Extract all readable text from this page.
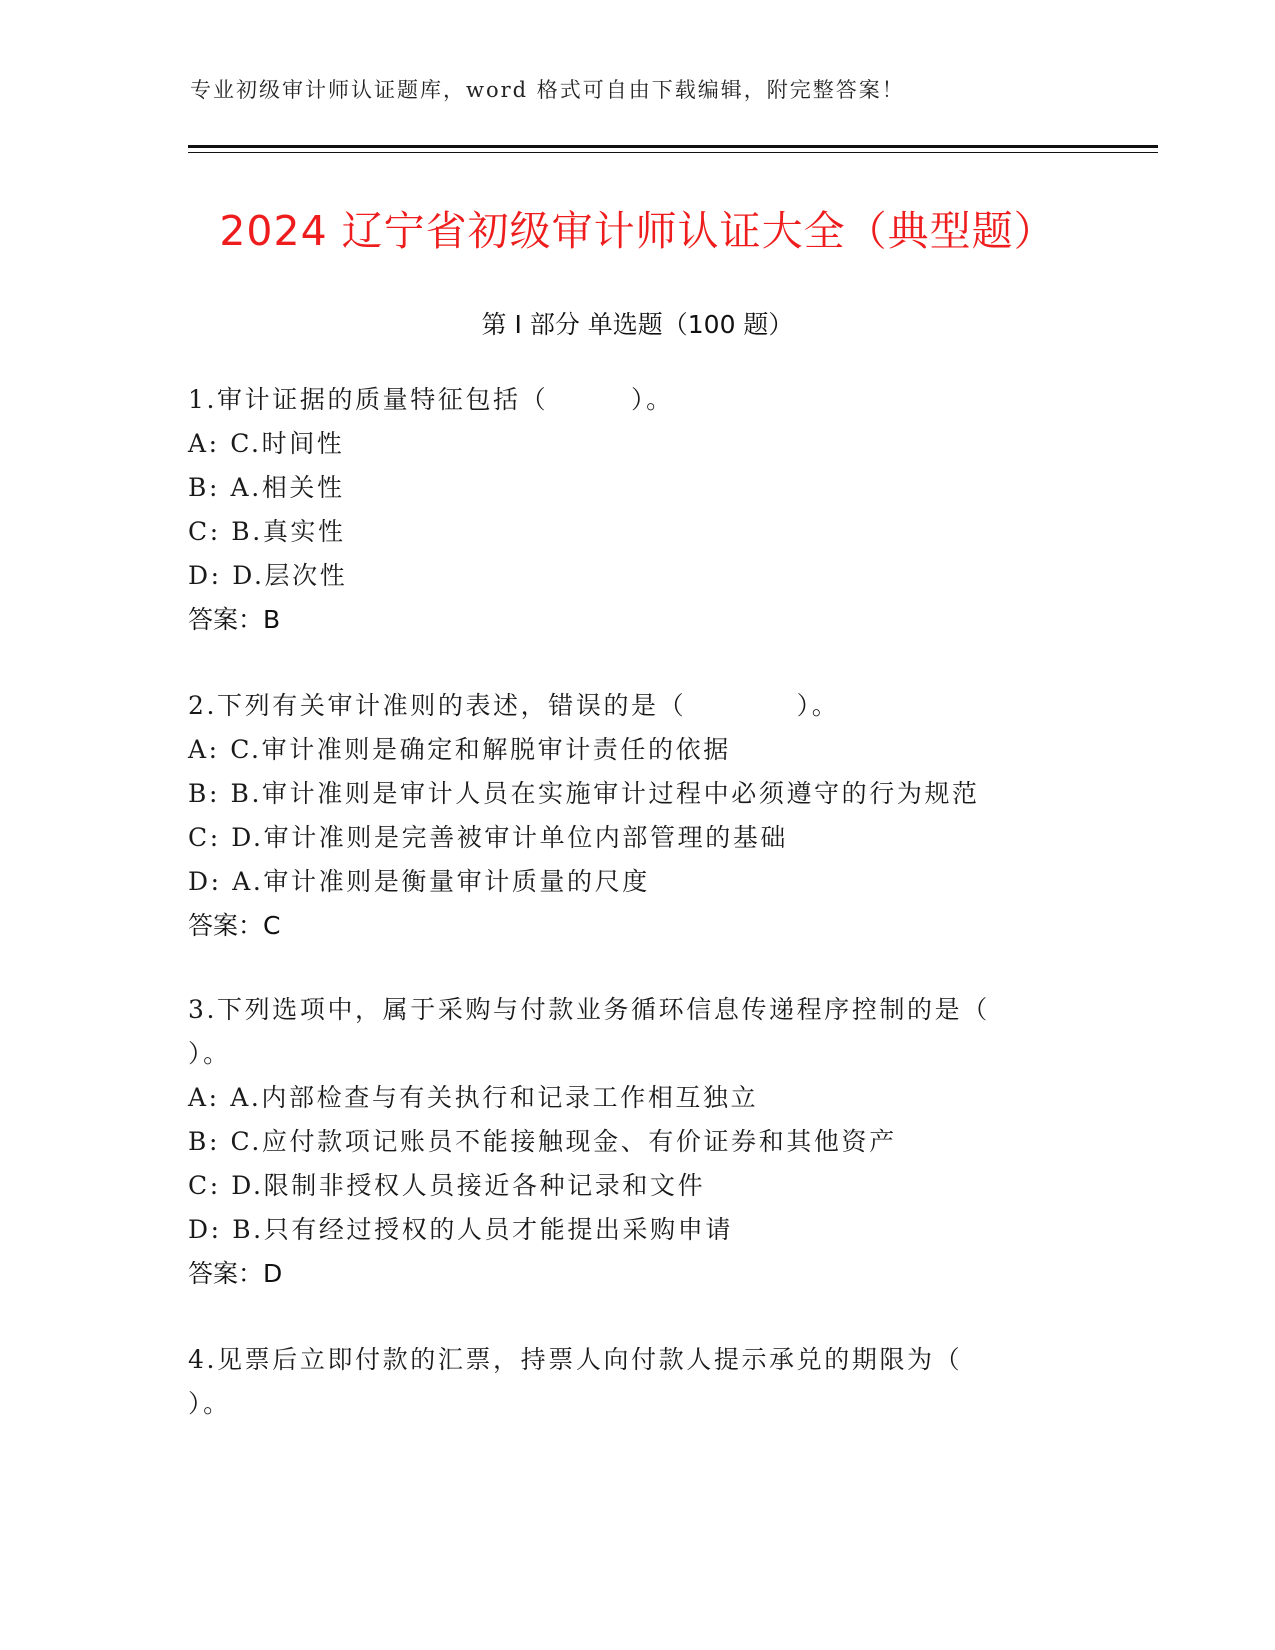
专业初级审计师认证题库，word 格式可自由下载编辑，附完整答案！
2024 辽宁省初级审计师认证大全（典型题）
第 I 部分 单选题（100 题）
1.审计证据的质量特征包括（　　　）。
A: C.时间性
B: A.相关性
C: B.真实性
D: D.层次性
答案：B
2.下列有关审计准则的表述，错误的是（　　　　）。
A: C.审计准则是确定和解脱审计责任的依据
B: B.审计准则是审计人员在实施审计过程中必须遵守的行为规范
C: D.审计准则是完善被审计单位内部管理的基础
D: A.审计准则是衡量审计质量的尺度
答案：C
3.下列选项中，属于采购与付款业务循环信息传递程序控制的是（
）。
A: A.内部检查与有关执行和记录工作相互独立
B: C.应付款项记账员不能接触现金、有价证券和其他资产
C: D.限制非授权人员接近各种记录和文件
D: B.只有经过授权的人员才能提出采购申请
答案：D
4.见票后立即付款的汇票，持票人向付款人提示承兑的期限为（
）。
